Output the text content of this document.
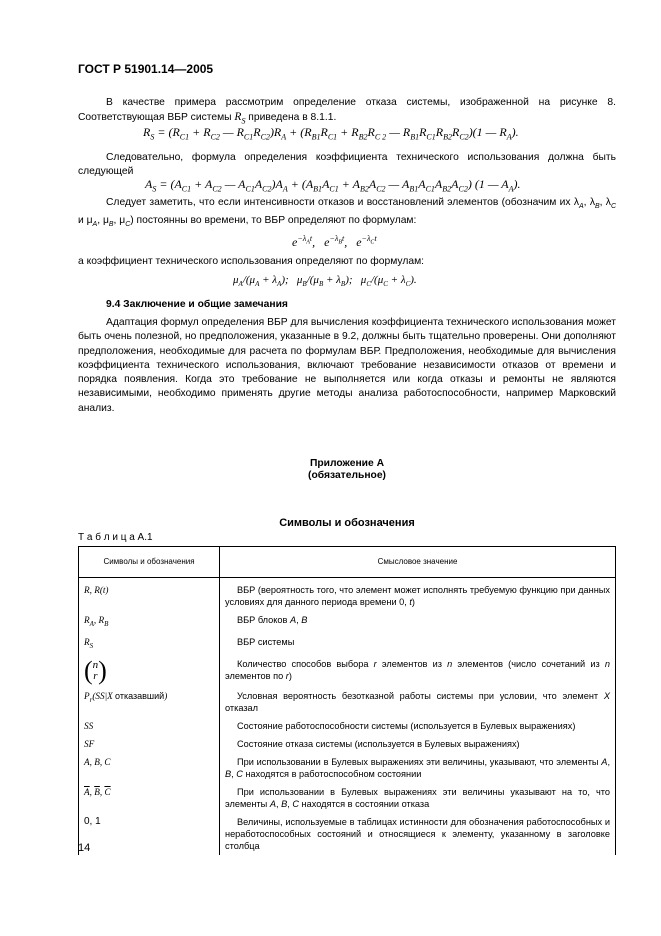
ГОСТ Р 51901.14—2005
В качестве примера рассмотрим определение отказа системы, изображенной на рисунке 8. Соответствующая ВБР системы $R_S$ приведена в 8.1.1.
$R_S = (R_{C1} + R_{C2}$ — $R_{C1}R_{C2})R_A + (R_{B1}R_{C1} + R_{B2}R_{C 2}$ — $R_{B1}R_{C1}R_{B2}R_{C2})(1$ — $R_A$).
Следовательно, формула определения коэффициента технического использования должна быть следующей
$A_S = (A_{C1} + A_{C2}$ — $A_{C1}A_{C2})A_A + (A_{B1}A_{C1} + A_{B2}A_{C2}$ — $A_{B1}A_{C1}A_{B2}A_{C2}$) (1 — $A_A$).
Следует заметить, что если интенсивности отказов и восстановлений элементов (обозначим их $\lambda_A$, $\lambda_B$, $\lambda_C$ и $\mu_A$, $\mu_B$, $\mu_C$) постоянны во времени, то ВБР определяют по формулам:
$e^{-\lambda_At}$,   $e^{-\lambda_Bt}$,   $e^{-\lambda_Ct}$
а коэффициент технического использования определяют по формулам:
$\mu_A/(\mu_A + \lambda_A)$;   $\mu_B/(\mu_B + \lambda_B)$;   $\mu_C/(\mu_C + \lambda_C)$.
9.4 Заключение и общие замечания
Адаптация формул определения ВБР для вычисления коэффициента технического использования может быть очень полезной, но предположения, указанные в 9.2, должны быть тщательно проверены. Они дополняют предположения, необходимые для расчета по формулам ВБР. Предположения, необходимые для вычисления коэффициента технического использования, включают требование независимости отказов от времени и порядка появления. Когда это требование не выполняется или когда отказы и ремонты не являются независимыми, необходимо применять другие методы анализа работоспособности, например Марковский анализ.
Приложение А
(обязательное)
Символы и обозначения
Т а б л и ц а А.1
Символы и обозначения	Смысловое значение
R, R(t)	ВБР (вероятность того, что элемент может исполнять требуемую функцию при данных условиях для данного периода времени 0, t)
$R_A$, $R_B$	ВБР блоков A, B
$R_S$	ВБР системы

( n
r )	Количество способов выбора r элементов из n элементов (число сочетаний из n элементов по r)
$P_r(SS|X$ отказавший)	Условная вероятность безотказной работы системы при условии, что элемент X отказал
SS	Состояние работоспособности системы (используется в Булевых выражениях)
SF	Состояние отказа системы (используется в Булевых выражениях)
A, B, C	При использовании в Булевых выражениях эти величины, указывают, что элементы A, B, C находятся в работоспособном состоянии
$\overline{A}$, $\overline{B}$, $\overline{C}$	При использовании в Булевых выражениях эти величины указывают на то, что элементы A, B, C находятся в состоянии отказа
0, 1	Величины, используемые в таблицах истинности для обозначения работоспособных и неработоспособных состояний и относящиеся к элементу, указанному в заголовке столбца
14
